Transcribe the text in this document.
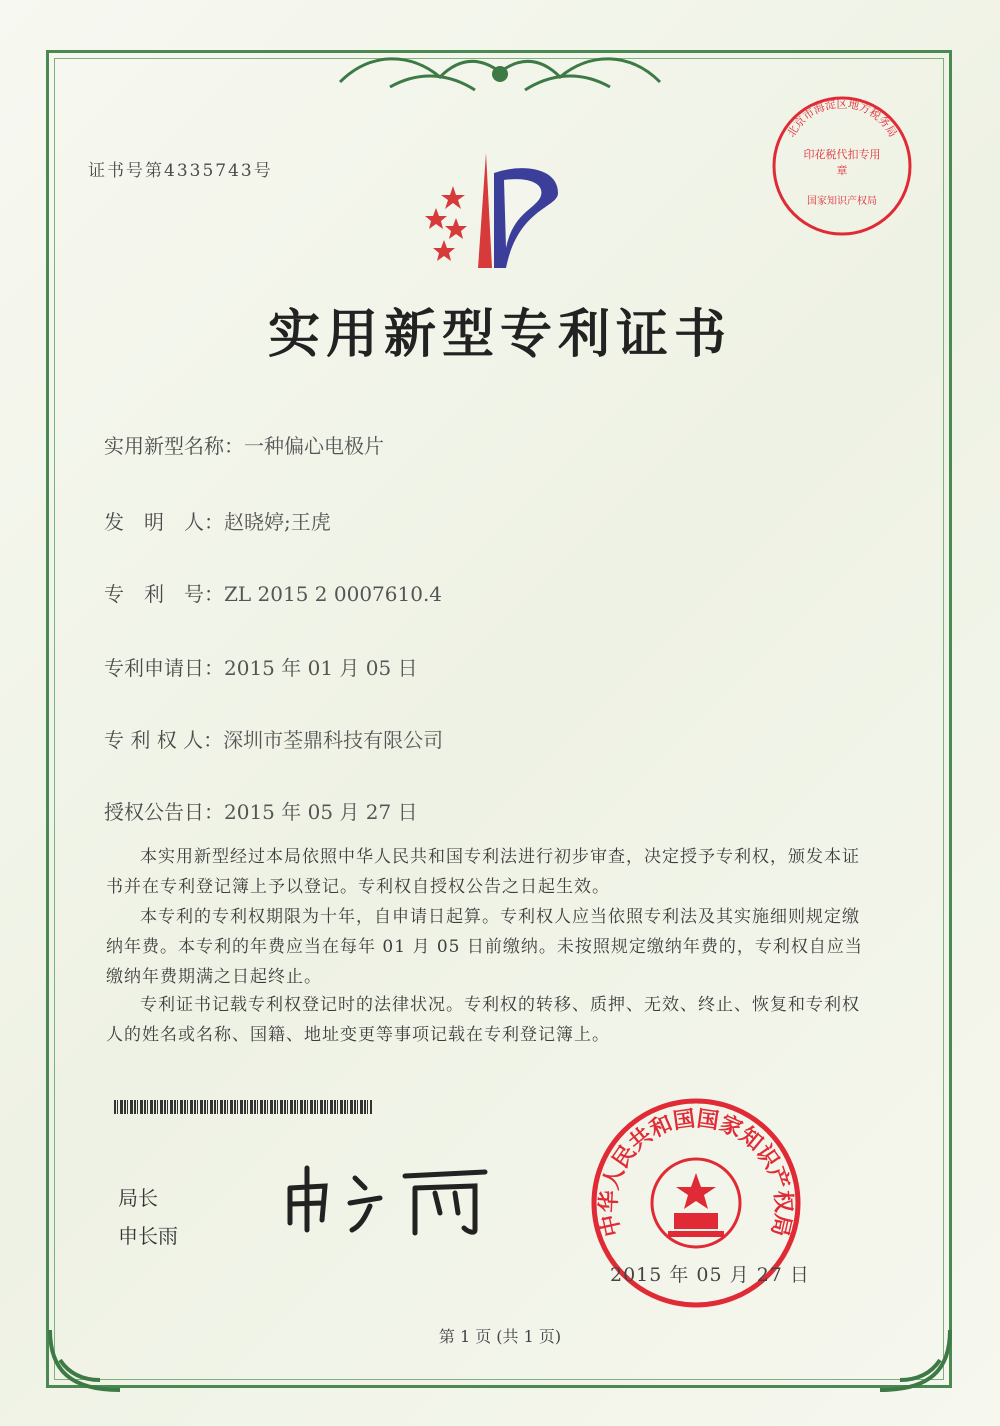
证书号第4335743号
实用新型专利证书
实用新型名称：一种偏心电极片
发　明　人：赵晓婷;王虎
专　利　号：ZL 2015 2 0007610.4
专利申请日：2015 年 01 月 05 日
专 利 权 人：深圳市荃鼎科技有限公司
授权公告日：2015 年 05 月 27 日
本实用新型经过本局依照中华人民共和国专利法进行初步审查，决定授予专利权，颁发本证书并在专利登记簿上予以登记。专利权自授权公告之日起生效。
本专利的专利权期限为十年，自申请日起算。专利权人应当依照专利法及其实施细则规定缴纳年费。本专利的年费应当在每年 01 月 05 日前缴纳。未按照规定缴纳年费的，专利权自应当缴纳年费期满之日起终止。
专利证书记载专利权登记时的法律状况。专利权的转移、质押、无效、终止、恢复和专利权人的姓名或名称、国籍、地址变更等事项记载在专利登记簿上。
局长
申长雨
北京市海淀区地方税务局
印花税代扣专用章
国家知识产权局
中华人民共和国国家知识产权局
2015 年 05 月 27 日
第 1 页 (共 1 页)
